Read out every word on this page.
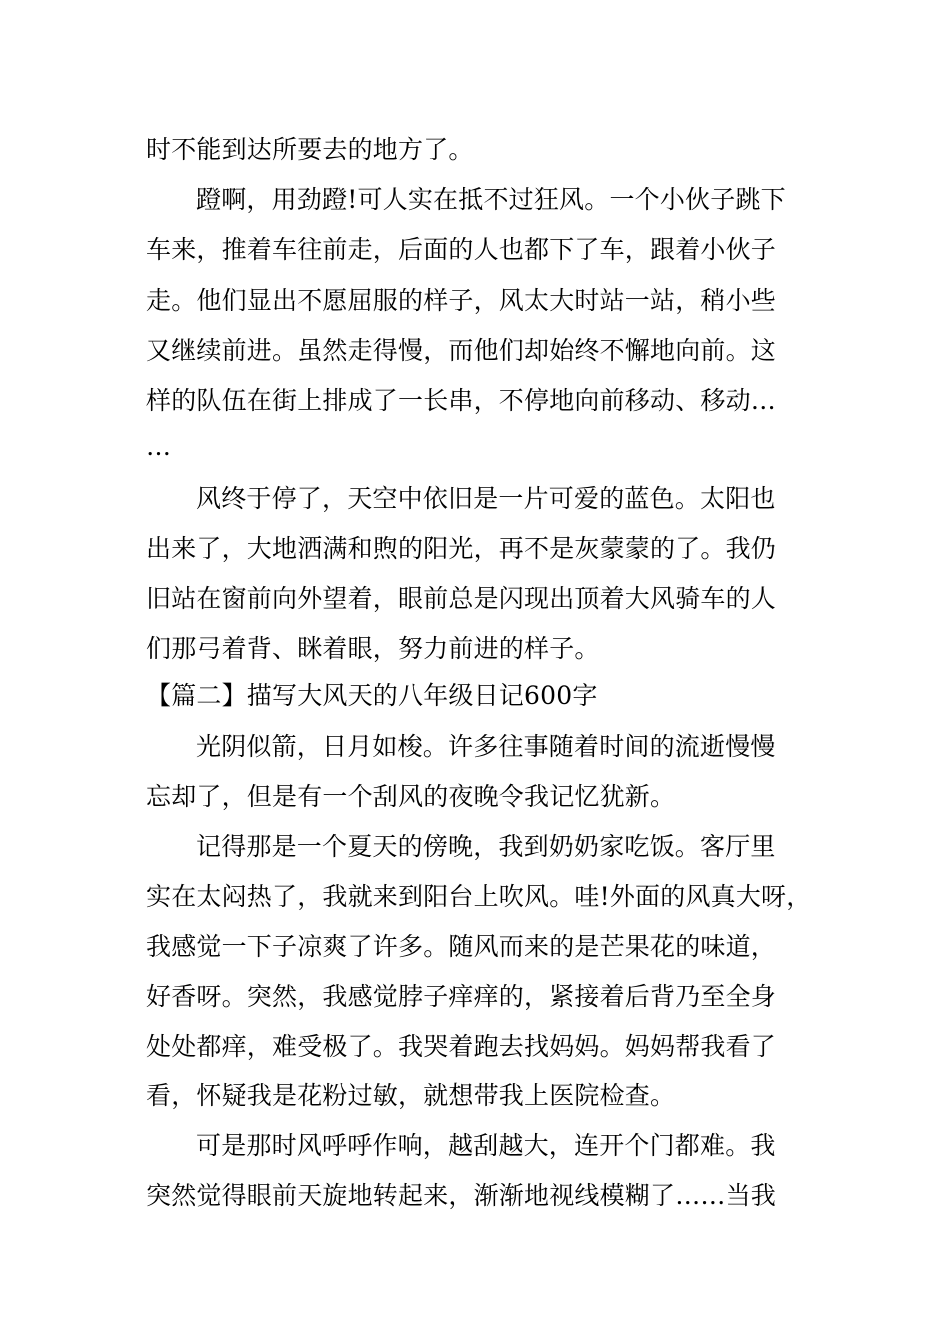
时不能到达所要去的地方了。
蹬啊，用劲蹬!可人实在抵不过狂风。一个小伙子跳下
车来，推着车往前走，后面的人也都下了车，跟着小伙子
走。他们显出不愿屈服的样子，风太大时站一站，稍小些
又继续前进。虽然走得慢，而他们却始终不懈地向前。这
样的队伍在街上排成了一长串，不停地向前移动、移动…
…
风终于停了，天空中依旧是一片可爱的蓝色。太阳也
出来了，大地洒满和煦的阳光，再不是灰蒙蒙的了。我仍
旧站在窗前向外望着，眼前总是闪现出顶着大风骑车的人
们那弓着背、眯着眼，努力前进的样子。
【篇二】描写大风天的八年级日记600字
光阴似箭，日月如梭。许多往事随着时间的流逝慢慢
忘却了，但是有一个刮风的夜晚令我记忆犹新。
记得那是一个夏天的傍晚，我到奶奶家吃饭。客厅里
实在太闷热了，我就来到阳台上吹风。哇!外面的风真大呀，
我感觉一下子凉爽了许多。随风而来的是芒果花的味道，
好香呀。突然，我感觉脖子痒痒的，紧接着后背乃至全身
处处都痒，难受极了。我哭着跑去找妈妈。妈妈帮我看了
看，怀疑我是花粉过敏，就想带我上医院检查。
可是那时风呼呼作响，越刮越大，连开个门都难。我
突然觉得眼前天旋地转起来，渐渐地视线模糊了……当我
